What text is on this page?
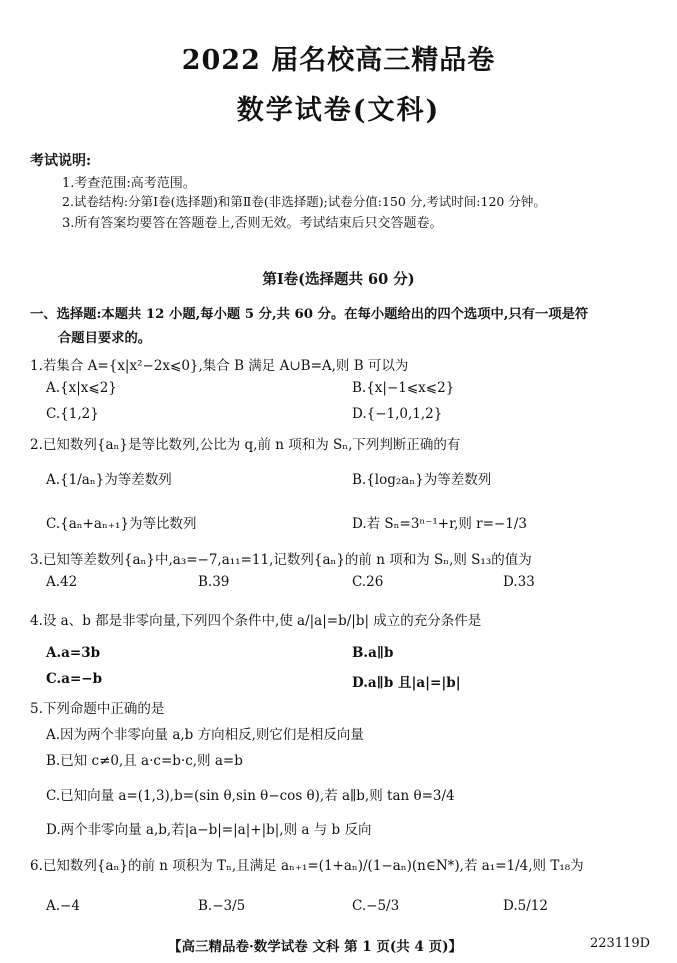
2022 届名校高三精品卷
数学试卷(文科)
考试说明:
1.考查范围:高考范围。
2.试卷结构:分第Ⅰ卷(选择题)和第Ⅱ卷(非选择题);试卷分值:150 分,考试时间:120 分钟。
3.所有答案均要答在答题卷上,否则无效。考试结束后只交答题卷。
第Ⅰ卷(选择题共 60 分)
一、选择题:本题共 12 小题,每小题 5 分,共 60 分。在每小题给出的四个选项中,只有一项是符
合题目要求的。
1.若集合 A={x|x²−2x⩽0},集合 B 满足 A∪B=A,则 B 可以为
A.{x|x⩽2}	B.{x|−1⩽x⩽2}
C.{1,2}	D.{−1,0,1,2}
2.已知数列{aₙ}是等比数列,公比为 q,前 n 项和为 Sₙ,下列判断正确的有
A.{1/aₙ}为等差数列	B.{log₂aₙ}为等差数列
C.{aₙ+aₙ₊₁}为等比数列	D.若 Sₙ=3ⁿ⁻¹+r,则 r=−1/3
3.已知等差数列{aₙ}中,a₃=−7,a₁₁=11,记数列{aₙ}的前 n 项和为 Sₙ,则 S₁₃的值为
A.42	B.39	C.26	D.33
4.设 a、b 都是非零向量,下列四个条件中,使 a/|a|=b/|b| 成立的充分条件是
A.a=3b	B.a∥b
C.a=−b	D.a∥b 且|a|=|b|
5.下列命题中正确的是
A.因为两个非零向量 a,b 方向相反,则它们是相反向量
B.已知 c≠0,且 a·c=b·c,则 a=b
C.已知向量 a=(1,3),b=(sin θ,sin θ−cos θ),若 a∥b,则 tan θ=3/4
D.两个非零向量 a,b,若|a−b|=|a|+|b|,则 a 与 b 反向
6.已知数列{aₙ}的前 n 项积为 Tₙ,且满足 aₙ₊₁=(1+aₙ)/(1−aₙ)(n∈N*),若 a₁=1/4,则 T₁₈为
A.−4	B.−3/5	C.−5/3	D.5/12
【高三精品卷·数学试卷 文科 第 1 页(共 4 页)】	223119D
